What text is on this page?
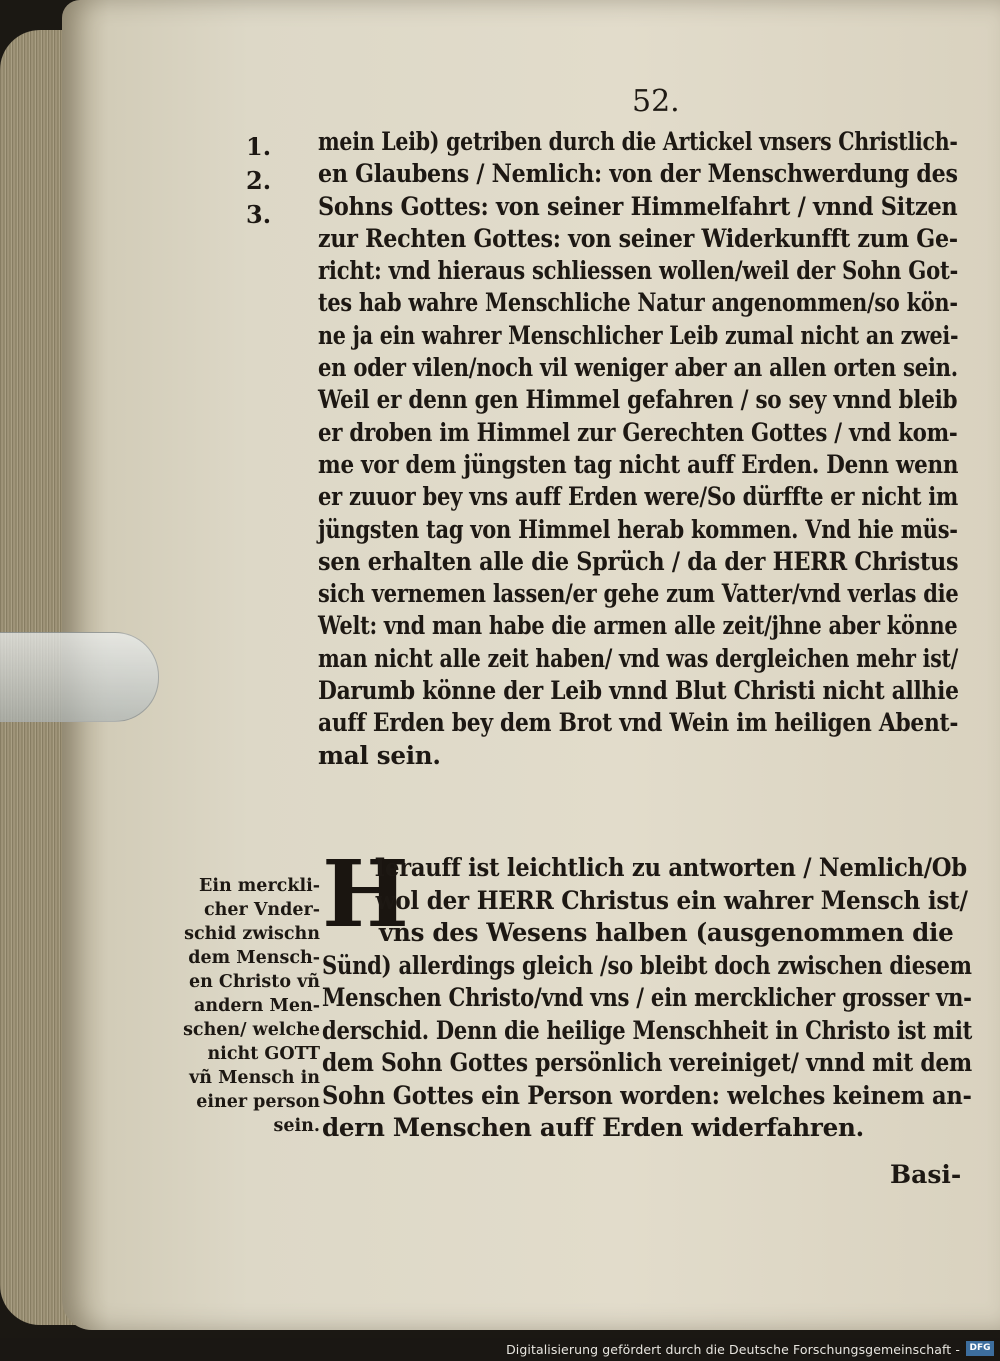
52.
1.
2.
3.
mein Leib) getriben durch die Artickel vnsers Christlich-
en Glaubens / Nemlich: von der Menschwerdung des
Sohns Gottes: von seiner Himmelfahrt / vnnd Sitzen
zur Rechten Gottes: von seiner Widerkunfft zum Ge-
richt: vnd hieraus schliessen wollen/weil der Sohn Got-
tes hab wahre Menschliche Natur angenommen/so kön-
ne ja ein wahrer Menschlicher Leib zumal nicht an zwei-
en oder vilen/noch vil weniger aber an allen orten sein.
Weil er denn gen Himmel gefahren / so sey vnnd bleib
er droben im Himmel zur Gerechten Gottes / vnd kom-
me vor dem jüngsten tag nicht auff Erden. Denn wenn
er zuuor bey vns auff Erden were/So dürffte er nicht im
jüngsten tag von Himmel herab kommen. Vnd hie müs-
sen erhalten alle die Sprüch / da der HERR Christus
sich vernemen lassen/er gehe zum Vatter/vnd verlas die
Welt: vnd man habe die armen alle zeit/jhne aber könne
man nicht alle zeit haben/ vnd was dergleichen mehr ist/
Darumb könne der Leib vnnd Blut Christi nicht allhie
auff Erden bey dem Brot vnd Wein im heiligen Abent-
mal sein.
H
Ierauff ist leichtlich zu antworten / Nemlich/Ob
wol der HERR Christus ein wahrer Mensch ist/
vns des Wesens halben (ausgenommen die
Sünd) allerdings gleich /so bleibt doch zwischen diesem
Menschen Christo/vnd vns / ein mercklicher grosser vn-
derschid. Denn die heilige Menschheit in Christo ist mit
dem Sohn Gottes persönlich vereiniget/ vnnd mit dem
Sohn Gottes ein Person worden: welches keinem an-
dern Menschen auff Erden widerfahren.
Ein merckli-
cher Vnder-
schid zwischn
dem Mensch-
en Christo vñ
andern Men-
schen/ welche
nicht GOTT
vñ Mensch in
einer person
sein.
Basi-
Digitalisierung gefördert durch die Deutsche Forschungsgemeinschaft -	DFG
